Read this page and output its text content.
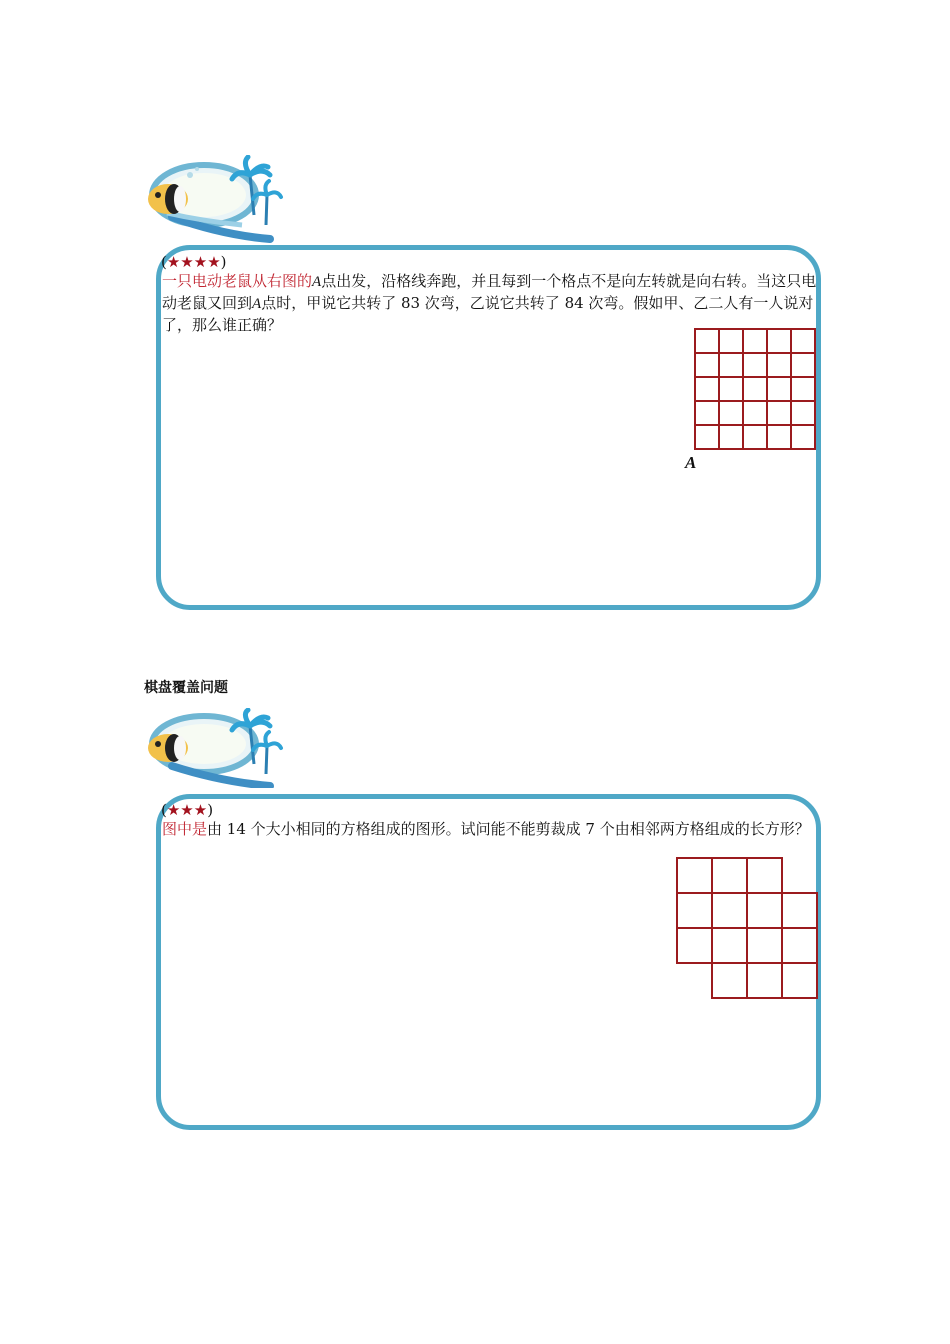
(★★★★)
一只电动老鼠从右图的A点出发，沿格线奔跑，并且每到一个格点不是向左转就是向右转。当这只电动老鼠又回到A点时，甲说它共转了 83 次弯，乙说它共转了 84 次弯。假如甲、乙二人有一人说对了，那么谁正确？
A
棋盘覆盖问题
(★★★)
图中是由 14 个大小相同的方格组成的图形。试问能不能剪裁成 7 个由相邻两方格组成的长方形？
